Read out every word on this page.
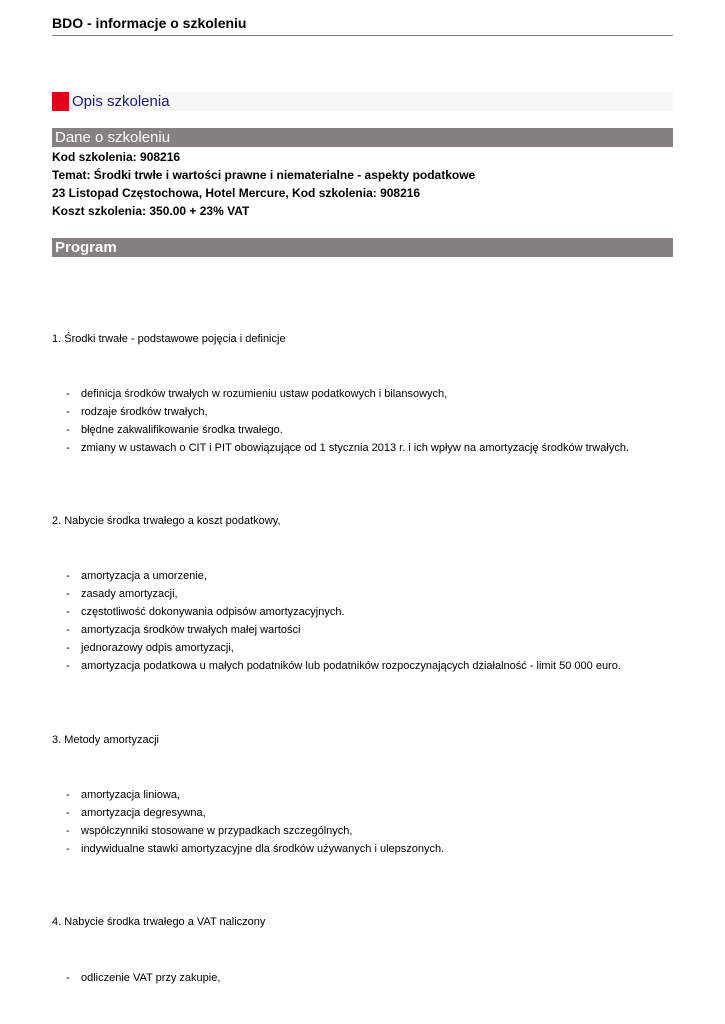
BDO - informacje o szkoleniu
Opis szkolenia
Dane o szkoleniu
Kod szkolenia: 908216
Temat: Środki trwłe i wartości prawne i niematerialne - aspekty podatkowe
23 Listopad Częstochowa, Hotel Mercure, Kod szkolenia: 908216
Koszt szkolenia: 350.00 + 23% VAT
Program
1. Środki trwałe - podstawowe pojęcia i definicje
- definicja środków trwałych w rozumieniu ustaw podatkowych i bilansowych,
- rodzaje środków trwałych,
- błędne zakwalifikowanie środka trwałego.
- zmiany w ustawach o CIT i PIT obowiązujące od 1 stycznia 2013 r. i ich wpływ na amortyzację środków trwałych.
2. Nabycie środka trwałego a koszt podatkowy,
- amortyzacja a umorzenie,
- zasady amortyzacji,
- częstotliwość dokonywania odpisów amortyzacyjnych.
- amortyzacja środków trwałych małej wartości
- jednorazowy odpis amortyzacji,
- amortyzacja podatkowa u małych podatników lub podatników rozpoczynających działalność - limit 50 000 euro.
3. Metody amortyzacji
- amortyzacja liniowa,
- amortyzacja degresywna,
- współczynniki stosowane w przypadkach szczególnych,
- indywidualne stawki amortyzacyjne dla środków używanych i ulepszonych.
4. Nabycie środka trwałego a VAT naliczony
- odliczenie VAT przy zakupie,
